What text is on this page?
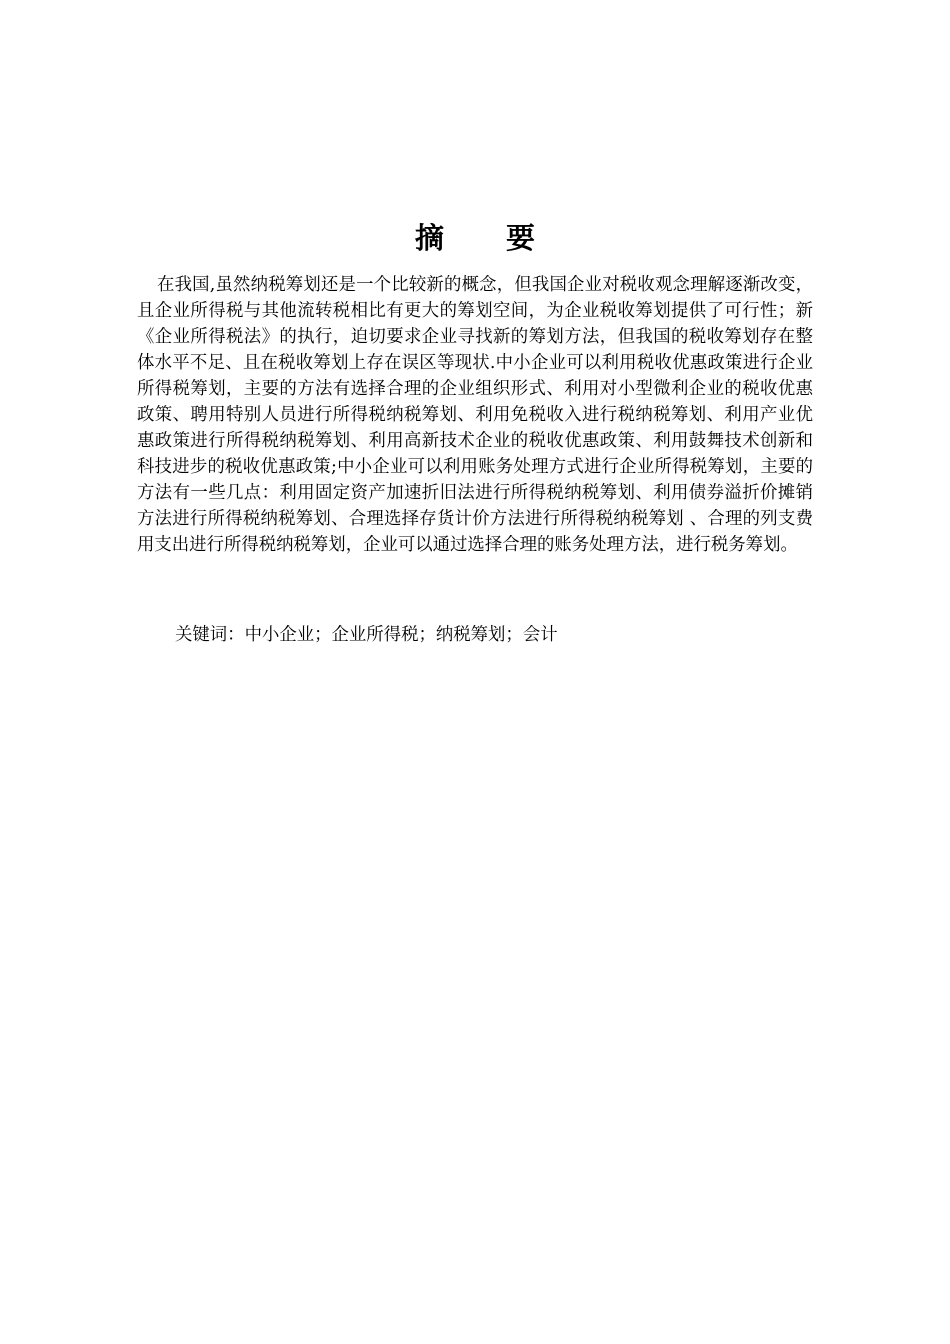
摘 要

在我国,虽然纳税筹划还是一个比较新的概念，但我国企业对税收观念理解逐渐改变，且企业所得税与其他流转税相比有更大的筹划空间，为企业税收筹划提供了可行性；新《企业所得税法》的执行，迫切要求企业寻找新的筹划方法，但我国的税收筹划存在整体水平不足、且在税收筹划上存在误区等现状.中小企业可以利用税收优惠政策进行企业所得税筹划，主要的方法有选择合理的企业组织形式、利用对小型微利企业的税收优惠政策、聘用特别人员进行所得税纳税筹划、利用免税收入进行税纳税筹划、利用产业优惠政策进行所得税纳税筹划、利用高新技术企业的税收优惠政策、利用鼓舞技术创新和科技进步的税收优惠政策;中小企业可以利用账务处理方式进行企业所得税筹划，主要的方法有一些几点：利用固定资产加速折旧法进行所得税纳税筹划、利用债券溢折价摊销方法进行所得税纳税筹划、合理选择存货计价方法进行所得税纳税筹划 、合理的列支费用支出进行所得税纳税筹划，企业可以通过选择合理的账务处理方法，进行税务筹划。

关键词：中小企业；企业所得税；纳税筹划；会计
